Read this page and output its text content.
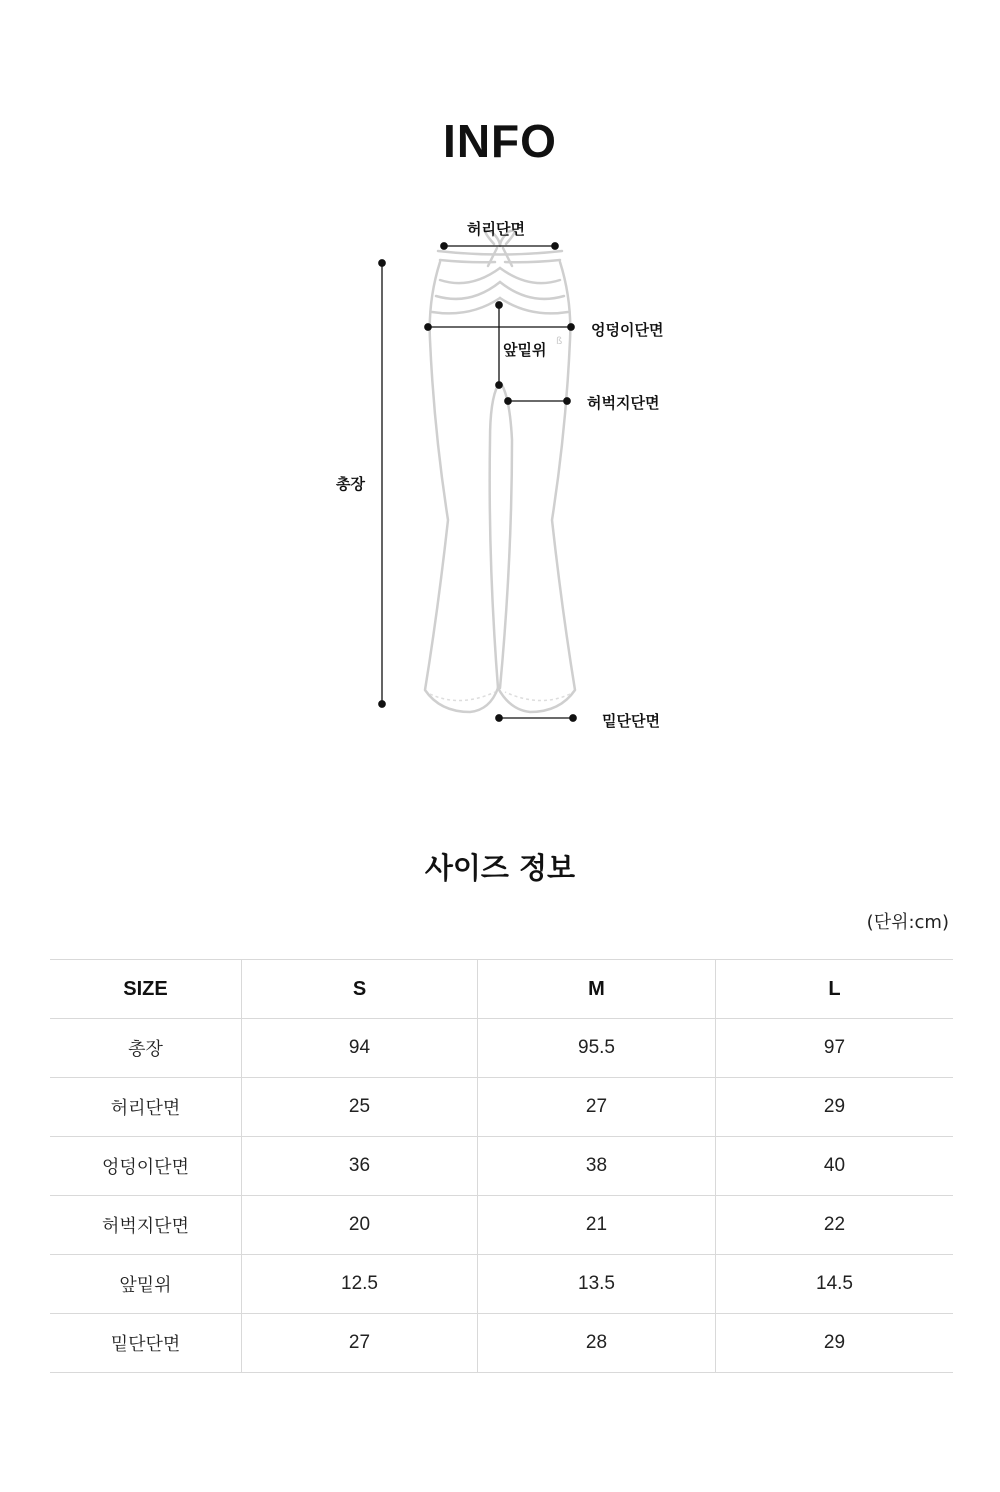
INFO
ß
허리단면
엉덩이단면
앞밑위
허벅지단면
총장
밑단단면
사이즈 정보
(단위:cm)
SIZE	S	M	L
총장	94	95.5	97
허리단면	25	27	29
엉덩이단면	36	38	40
허벅지단면	20	21	22
앞밑위	12.5	13.5	14.5
밑단단면	27	28	29
